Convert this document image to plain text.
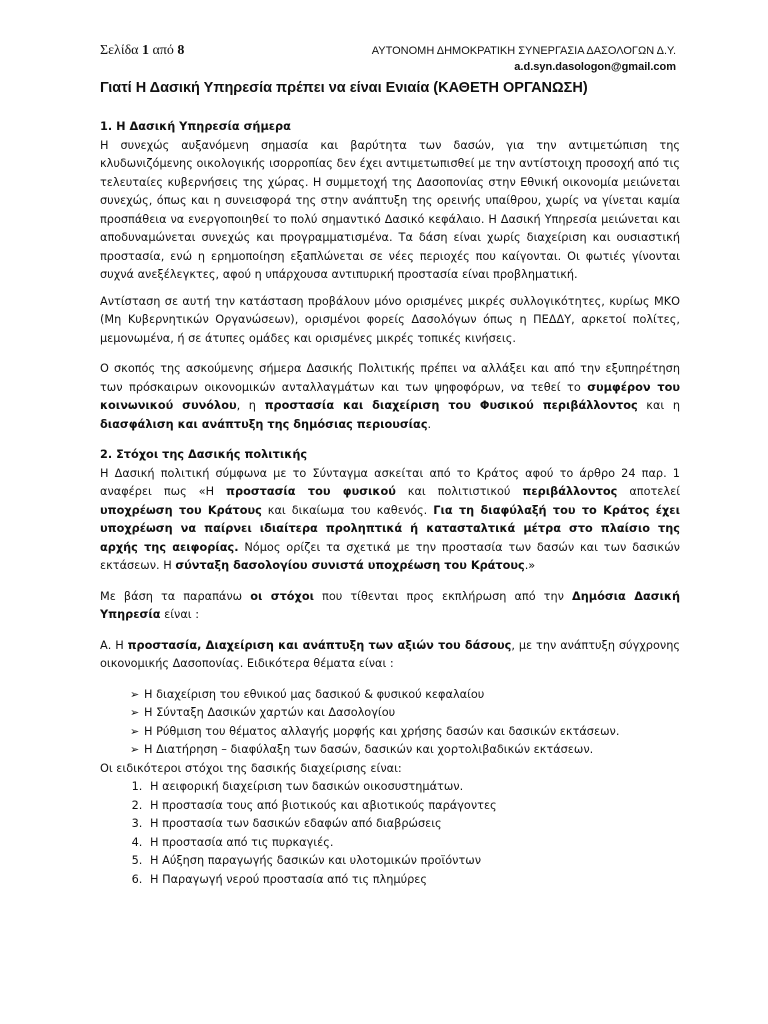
Σελίδα 1 από 8	ΑΥΤΟΝΟΜΗ ΔΗΜΟΚΡΑΤΙΚΗ ΣΥΝΕΡΓΑΣΙΑ ΔΑΣΟΛΟΓΩΝ Δ.Υ.
a.d.syn.dasologon@gmail.com
Γιατί Η Δασική Υπηρεσία πρέπει να είναι Ενιαία (ΚΑΘΕΤΗ ΟΡΓΑΝΩΣΗ)

1. Η Δασική Υπηρεσία σήμερα

Η συνεχώς αυξανόμενη σημασία και βαρύτητα των δασών, για την αντιμετώπιση της κλυδωνιζόμενης οικολογικής ισορροπίας δεν έχει αντιμετωπισθεί με την αντίστοιχη προσοχή από τις τελευταίες κυβερνήσεις της χώρας. Η συμμετοχή της Δασοπονίας στην Εθνική οικονομία μειώνεται συνεχώς, όπως και η συνεισφορά της στην ανάπτυξη της ορεινής υπαίθρου, χωρίς να γίνεται καμία προσπάθεια να ενεργοποιηθεί το πολύ σημαντικό Δασικό κεφάλαιο. Η Δασική Υπηρεσία μειώνεται και αποδυναμώνεται συνεχώς και προγραμματισμένα. Τα δάση είναι χωρίς διαχείριση και ουσιαστική προστασία, ενώ η ερημοποίηση εξαπλώνεται σε νέες περιοχές που καίγονται. Οι φωτιές γίνονται συχνά ανεξέλεγκτες, αφού η υπάρχουσα αντιπυρική προστασία είναι προβληματική.

Αντίσταση σε αυτή την κατάσταση προβάλουν μόνο ορισμένες μικρές συλλογικότητες, κυρίως ΜΚΟ (Μη Κυβερνητικών Οργανώσεων), ορισμένοι φορείς Δασολόγων όπως η ΠΕΔΔΥ, αρκετοί πολίτες, μεμονωμένα, ή σε άτυπες ομάδες και ορισμένες μικρές τοπικές κινήσεις.

Ο σκοπός της ασκούμενης σήμερα Δασικής Πολιτικής πρέπει να αλλάξει και από την εξυπηρέτηση των πρόσκαιρων οικονομικών ανταλλαγμάτων και των ψηφοφόρων, να τεθεί το συμφέρον του κοινωνικού συνόλου, η προστασία και διαχείριση του Φυσικού περιβάλλοντος και η διασφάλιση και ανάπτυξη της δημόσιας περιουσίας.

2. Στόχοι της Δασικής πολιτικής

Η Δασική πολιτική σύμφωνα με το Σύνταγμα ασκείται από το Κράτος αφού το άρθρο 24 παρ. 1 αναφέρει πως «Η προστασία του φυσικού και πολιτιστικού περιβάλλοντος αποτελεί υποχρέωση του Κράτους και δικαίωμα του καθενός. Για τη διαφύλαξή του το Κράτος έχει υποχρέωση να παίρνει ιδιαίτερα προληπτικά ή κατασταλτικά μέτρα στο πλαίσιο της αρχής της αειφορίας. Νόμος ορίζει τα σχετικά με την προστασία των δασών και των δασικών εκτάσεων. Η σύνταξη δασολογίου συνιστά υποχρέωση του Κράτους.»

Με βάση τα παραπάνω οι στόχοι που τίθενται προς εκπλήρωση από την Δημόσια Δασική Υπηρεσία είναι :

Α. Η προστασία, Διαχείριση και ανάπτυξη των αξιών του δάσους, με την ανάπτυξη σύγχρονης οικονομικής Δασοπονίας. Ειδικότερα θέματα είναι :

➢ Η διαχείριση του εθνικού μας δασικού & φυσικού κεφαλαίου
➢ Η Σύνταξη Δασικών χαρτών και Δασολογίου
➢ Η Ρύθμιση του θέματος αλλαγής μορφής και χρήσης δασών και δασικών εκτάσεων.
➢ Η Διατήρηση – διαφύλαξη των δασών, δασικών και χορτολιβαδικών εκτάσεων.

Οι ειδικότεροι στόχοι της δασικής διαχείρισης είναι:

1. Η αειφορική διαχείριση των δασικών οικοσυστημάτων.
2. Η προστασία τους από βιοτικούς και αβιοτικούς παράγοντες
3. Η προστασία των δασικών εδαφών από διαβρώσεις
4. Η προστασία από τις πυρκαγιές.
5. Η Αύξηση παραγωγής δασικών και υλοτομικών προϊόντων
6. Η Παραγωγή νερού προστασία από τις πλημύρες
